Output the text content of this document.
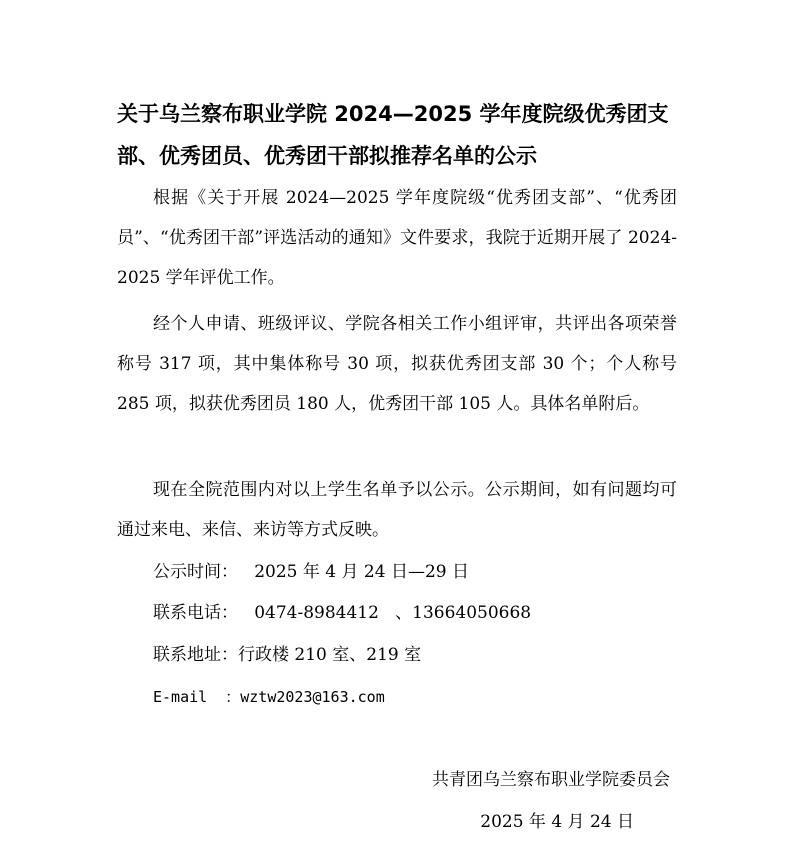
关于乌兰察布职业学院 2024—2025 学年度院级优秀团支
部、优秀团员、优秀团干部拟推荐名单的公示
根据《关于开展 2024—2025 学年度院级“优秀团支部”、“优秀团员”、“优秀团干部”评选活动的通知》文件要求，我院于近期开展了 2024-2025 学年评优工作。
经个人申请、班级评议、学院各相关工作小组评审，共评出各项荣誉称号 317 项，其中集体称号 30 项，拟获优秀团支部 30 个；个人称号 285 项，拟获优秀团员 180 人，优秀团干部 105 人。具体名单附后。
现在全院范围内对以上学生名单予以公示。公示期间，如有问题均可通过来电、来信、来访等方式反映。
公示时间： 2025 年 4 月 24 日—29 日
联系电话： 0474-8984412   、13664050668
联系地址：行政楼 210 室、219 室
E-mail  ：wztw2023@163.com
共青团乌兰察布职业学院委员会
2025 年 4 月 24 日
